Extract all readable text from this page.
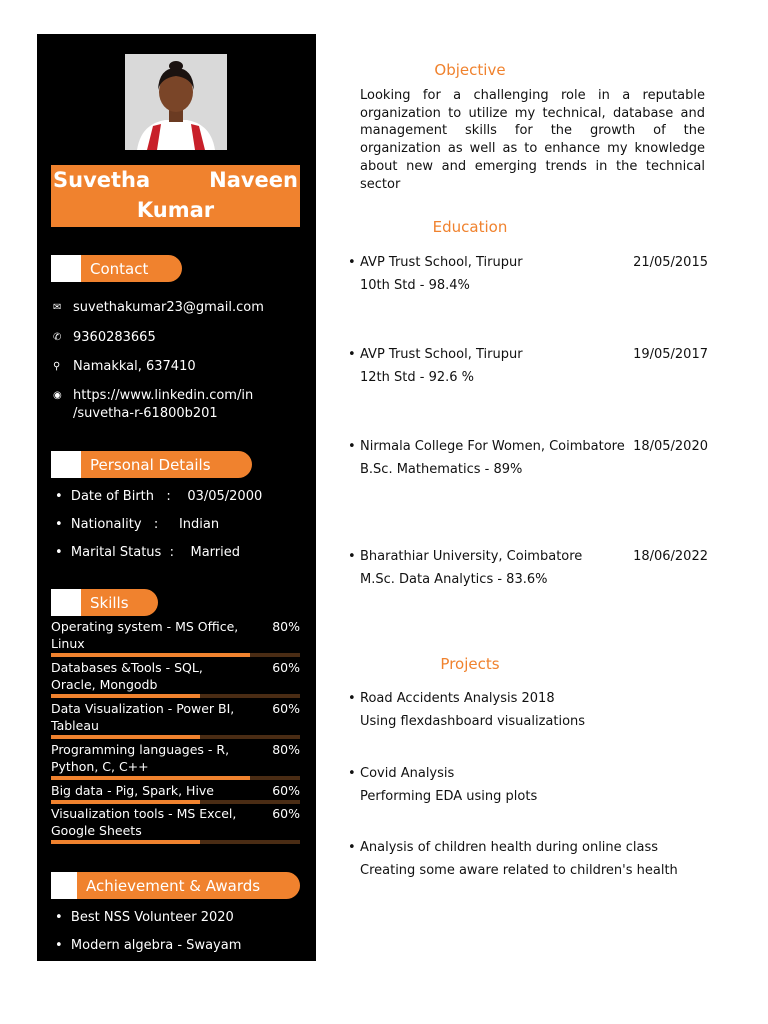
Suvetha	Naveen
Kumar
Contact
✉ suvethakumar23@gmail.com
✆ 9360283665
⚲ Namakkal, 637410
◉ https://www.linkedin.com/in
/suvetha-r-61800b201
Personal Details
•  Date of Birth   :    03/05/2000
•  Nationality   :     Indian
•  Marital Status  :    Married
Skills
Operating system - MS Office,	80%
Linux
Databases &Tools - SQL,	60%
Oracle, Mongodb
Data Visualization - Power BI,	60%
Tableau
Programming languages - R,	80%
Python, C, C++
Big data - Pig, Spark, Hive	60%
Visualization tools - MS Excel,	60%
Google Sheets
Achievement & Awards
•  Best NSS Volunteer 2020
•  Modern algebra - Swayam
Objective
Looking for a challenging role in a reputable organization to utilize my technical, database and management skills for the growth of the organization as well as to enhance my knowledge about new and emerging trends in the technical sector
Education
• AVP Trust School, Tirupur	21/05/2015
10th Std - 98.4%
• AVP Trust School, Tirupur	19/05/2017
12th Std - 92.6 %
• Nirmala College For Women, Coimbatore 18/05/2020
B.Sc. Mathematics - 89%
• Bharathiar University, Coimbatore	18/06/2022
M.Sc. Data Analytics - 83.6%
Projects
• Road Accidents Analysis 2018
Using flexdashboard visualizations
• Covid Analysis
Performing EDA using plots
• Analysis of children health during online class
Creating some aware related to children's health
